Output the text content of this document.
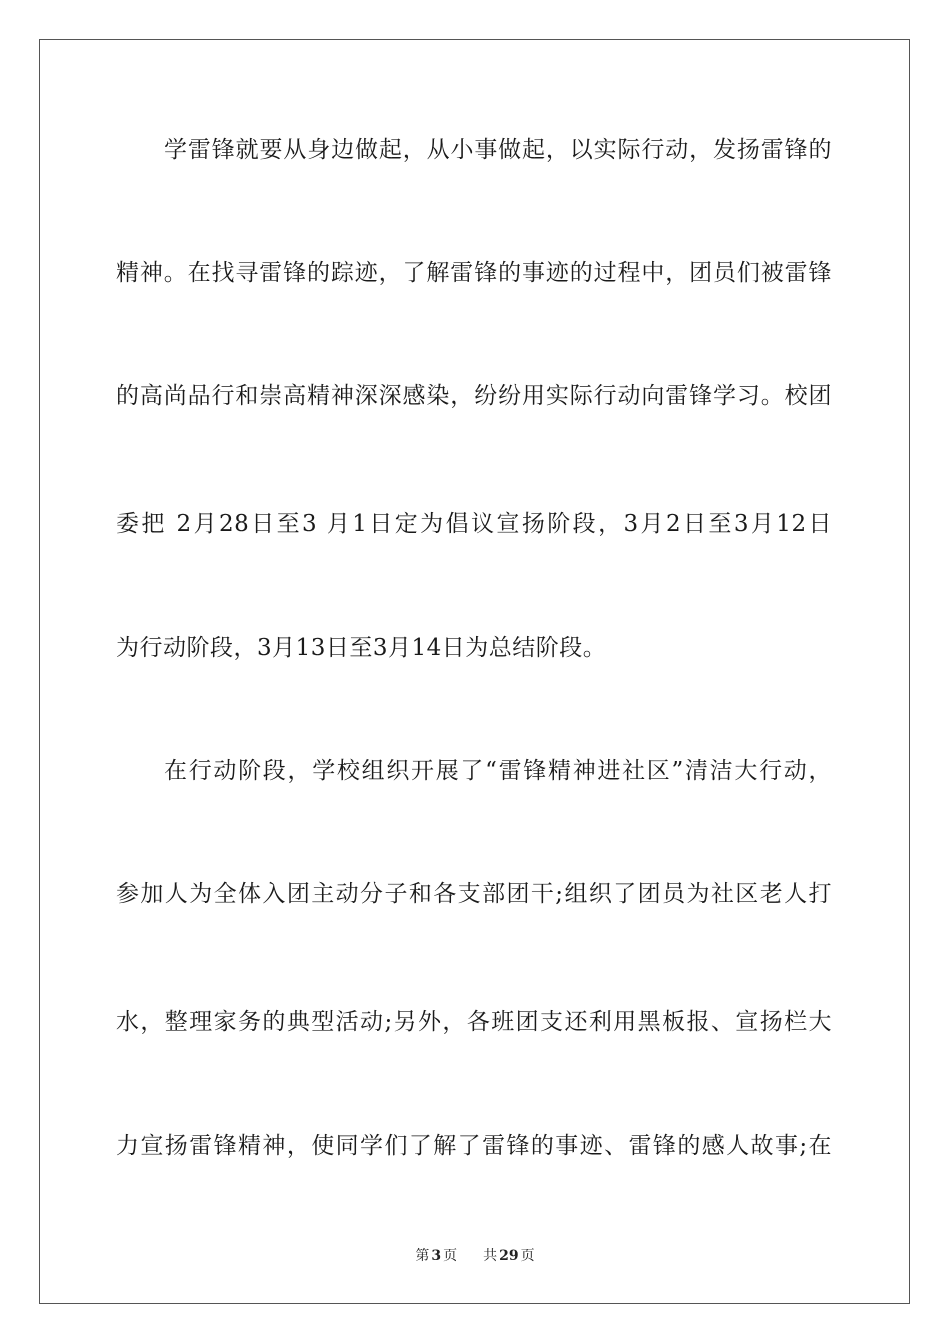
学雷锋就要从身边做起，从小事做起，以实际行动，发扬雷锋的
精神。在找寻雷锋的踪迹，了解雷锋的事迹的过程中，团员们被雷锋
的高尚品行和崇高精神深深感染，纷纷用实际行动向雷锋学习。校团
委把 2月28日至3 月1日定为倡议宣扬阶段，3月2日至3月12日
为行动阶段，3月13日至3月14日为总结阶段。
在行动阶段，学校组织开展了“雷锋精神进社区”清洁大行动，
参加人为全体入团主动分子和各支部团干;组织了团员为社区老人打
水，整理家务的典型活动;另外，各班团支还利用黑板报、宣扬栏大
力宣扬雷锋精神，使同学们了解了雷锋的事迹、雷锋的感人故事;在
第 3 页 共 29 页
